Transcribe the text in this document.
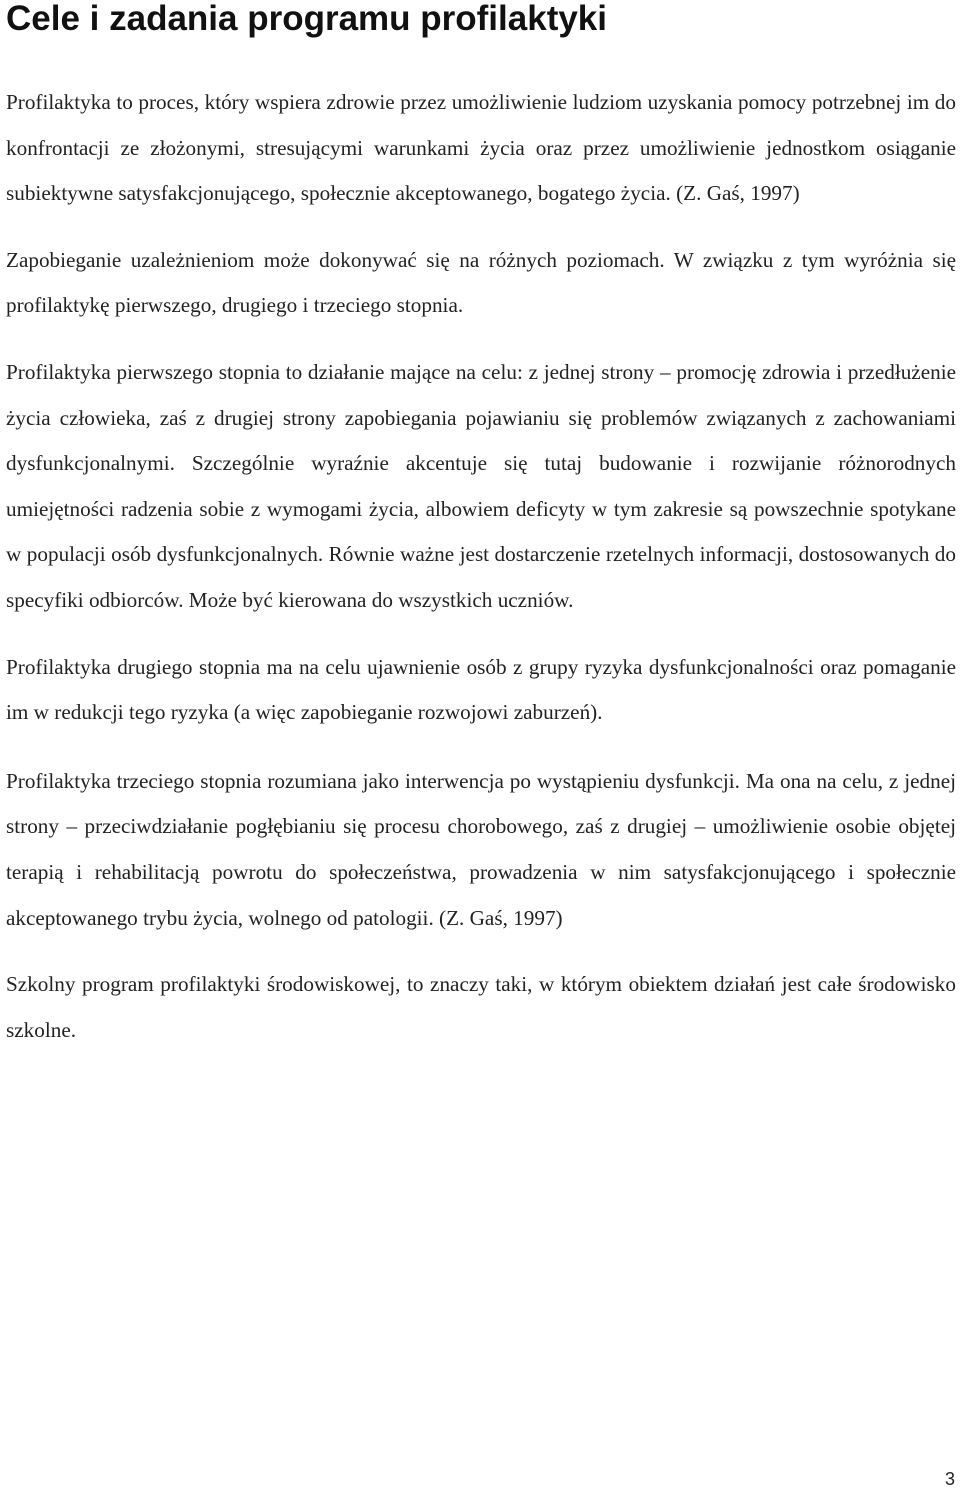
Cele i zadania programu profilaktyki

Profilaktyka to proces, który wspiera zdrowie przez umożliwienie ludziom uzyskania pomocy potrzebnej im do konfrontacji ze złożonymi, stresującymi warunkami życia oraz przez umożliwienie jednostkom osiąganie subiektywne satysfakcjonującego, społecznie akceptowanego, bogatego życia. (Z. Gaś, 1997)

Zapobieganie uzależnieniom może dokonywać się na różnych poziomach. W związku z tym wyróżnia się profilaktykę pierwszego, drugiego i trzeciego stopnia.

Profilaktyka pierwszego stopnia to działanie mające na celu: z jednej strony – promocję zdrowia i przedłużenie życia człowieka, zaś z drugiej strony zapobiegania pojawianiu się problemów związanych z zachowaniami dysfunkcjonalnymi. Szczególnie wyraźnie akcentuje się tutaj budowanie i rozwijanie różnorodnych umiejętności radzenia sobie z wymogami życia, albowiem deficyty w tym zakresie są powszechnie spotykane w populacji osób dysfunkcjonalnych. Równie ważne jest dostarczenie rzetelnych informacji, dostosowanych do specyfiki odbiorców. Może być kierowana do wszystkich uczniów.

Profilaktyka drugiego stopnia ma na celu ujawnienie osób z grupy ryzyka dysfunkcjonalności oraz pomaganie im w redukcji tego ryzyka (a więc zapobieganie rozwojowi zaburzeń).

Profilaktyka trzeciego stopnia rozumiana jako interwencja po wystąpieniu dysfunkcji. Ma ona na celu, z jednej strony – przeciwdziałanie pogłębianiu się procesu chorobowego, zaś z drugiej – umożliwienie osobie objętej terapią i rehabilitacją powrotu do społeczeństwa, prowadzenia w nim satysfakcjonującego i społecznie akceptowanego trybu życia, wolnego od patologii. (Z. Gaś, 1997)

Szkolny program profilaktyki środowiskowej, to znaczy taki, w którym obiektem działań jest całe środowisko szkolne.

3
